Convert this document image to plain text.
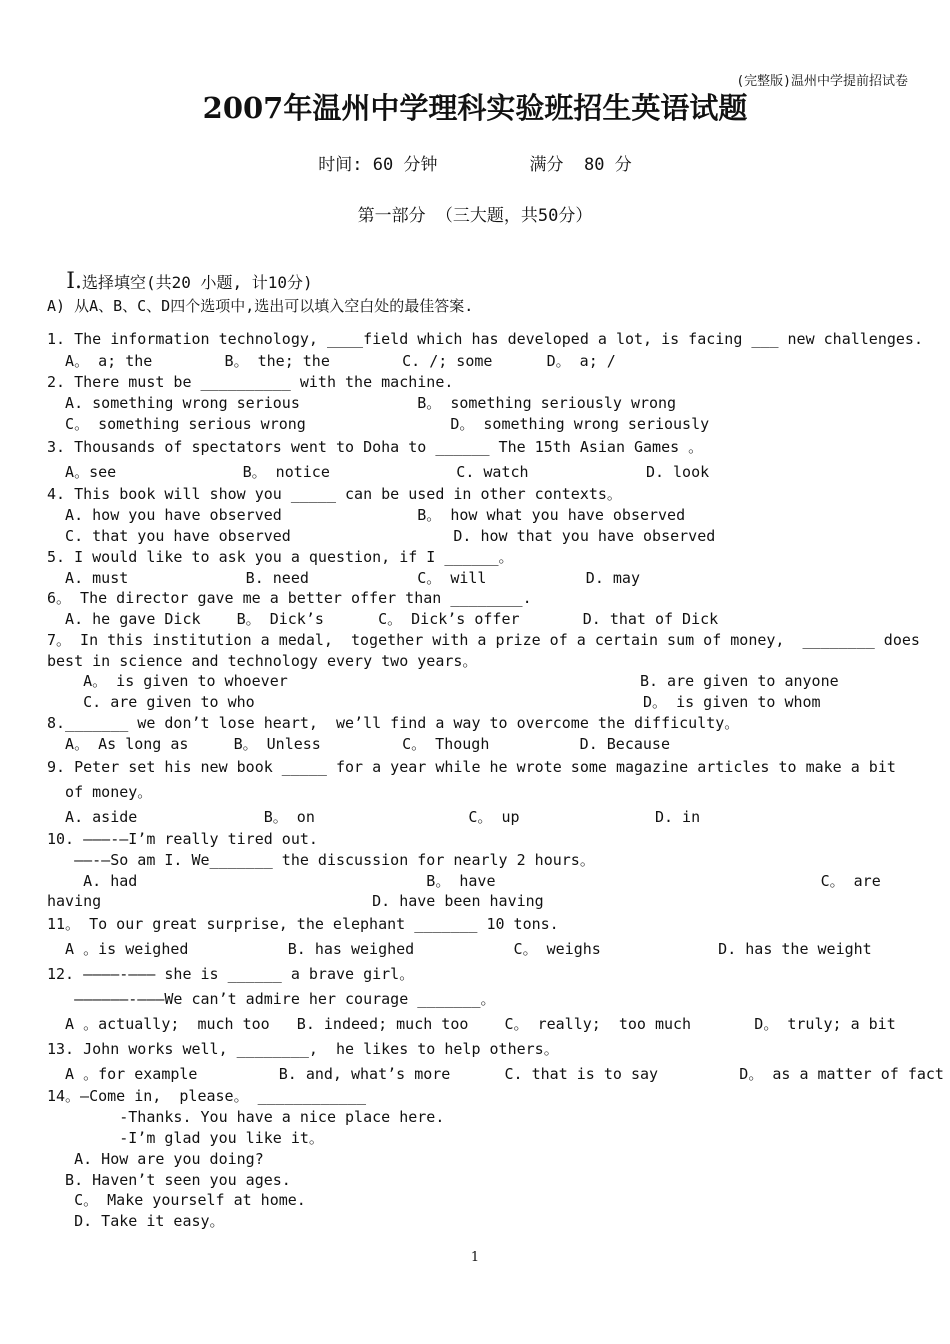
(完整版)温州中学提前招试卷
2007年温州中学理科实验班招生英语试题
时间: 60 分钟         满分  80 分
第一部分 （三大题，共50分）

Ⅰ.选择填空(共20 小题, 计10分)

A) 从A、B、C、D四个选项中,选出可以填入空白处的最佳答案.
1. The information technology, ____field which has developed a lot, is facing ___ new challenges.
A。 a; the        B。 the; the        C. /; some      D。 a; /
2. There must be __________ with the machine.
A. something wrong serious             B。 something seriously wrong
C。 something serious wrong                D。 something wrong seriously
3. Thousands of spectators went to Doha to ______ The 15th Asian Games 。
A。see              B。 notice              C. watch             D. look
4. This book will show you _____ can be used in other contexts。
A. how you have observed               B。 how what you have observed
C. that you have observed                  D. how that you have observed
5. I would like to ask you a question, if I ______。
A. must             B. need            C。 will           D. may
6。 The director gave me a better offer than ________.
A. he gave Dick    B。 Dick’s      C。 Dick’s offer       D. that of Dick
7。 In this institution a medal,  together with a prize of a certain sum of money,  ________ does
best in science and technology every two years。
A。 is given to whoever                                       B. are given to anyone
C. are given to who                                           D。 is given to whom
8._______ we don’t lose heart,  we’ll find a way to overcome the difficulty。
A。 As long as     B。 Unless         C。 Though          D. Because
9. Peter set his new book _____ for a year while he wrote some magazine articles to make a bit
of money。
A. aside              B。 on                 C。 up               D. in
10. ———-—I’m really tired out.
——-—So am I. We_______ the discussion for nearly 2 hours。
A. had                                B。 have                                    C。 are
having                              D. have been having
11。 To our great surprise, the elephant _______ 10 tons.
A 。is weighed           B. has weighed           C。 weighs             D. has the weight
12. ————-——— she is ______ a brave girl。
——————-———We can’t admire her courage _______。
A 。actually;  much too   B. indeed; much too    C。 really;  too much       D。 truly; a bit
13. John works well, ________,  he likes to help others。
A 。for example         B. and, what’s more      C. that is to say         D。 as a matter of fact
14。—Come in,  please。 ____________
-Thanks. You have a nice place here.
-I’m glad you like it。
A. How are you doing?
B. Haven’t seen you ages.
C。 Make yourself at home.
D. Take it easy。
1
